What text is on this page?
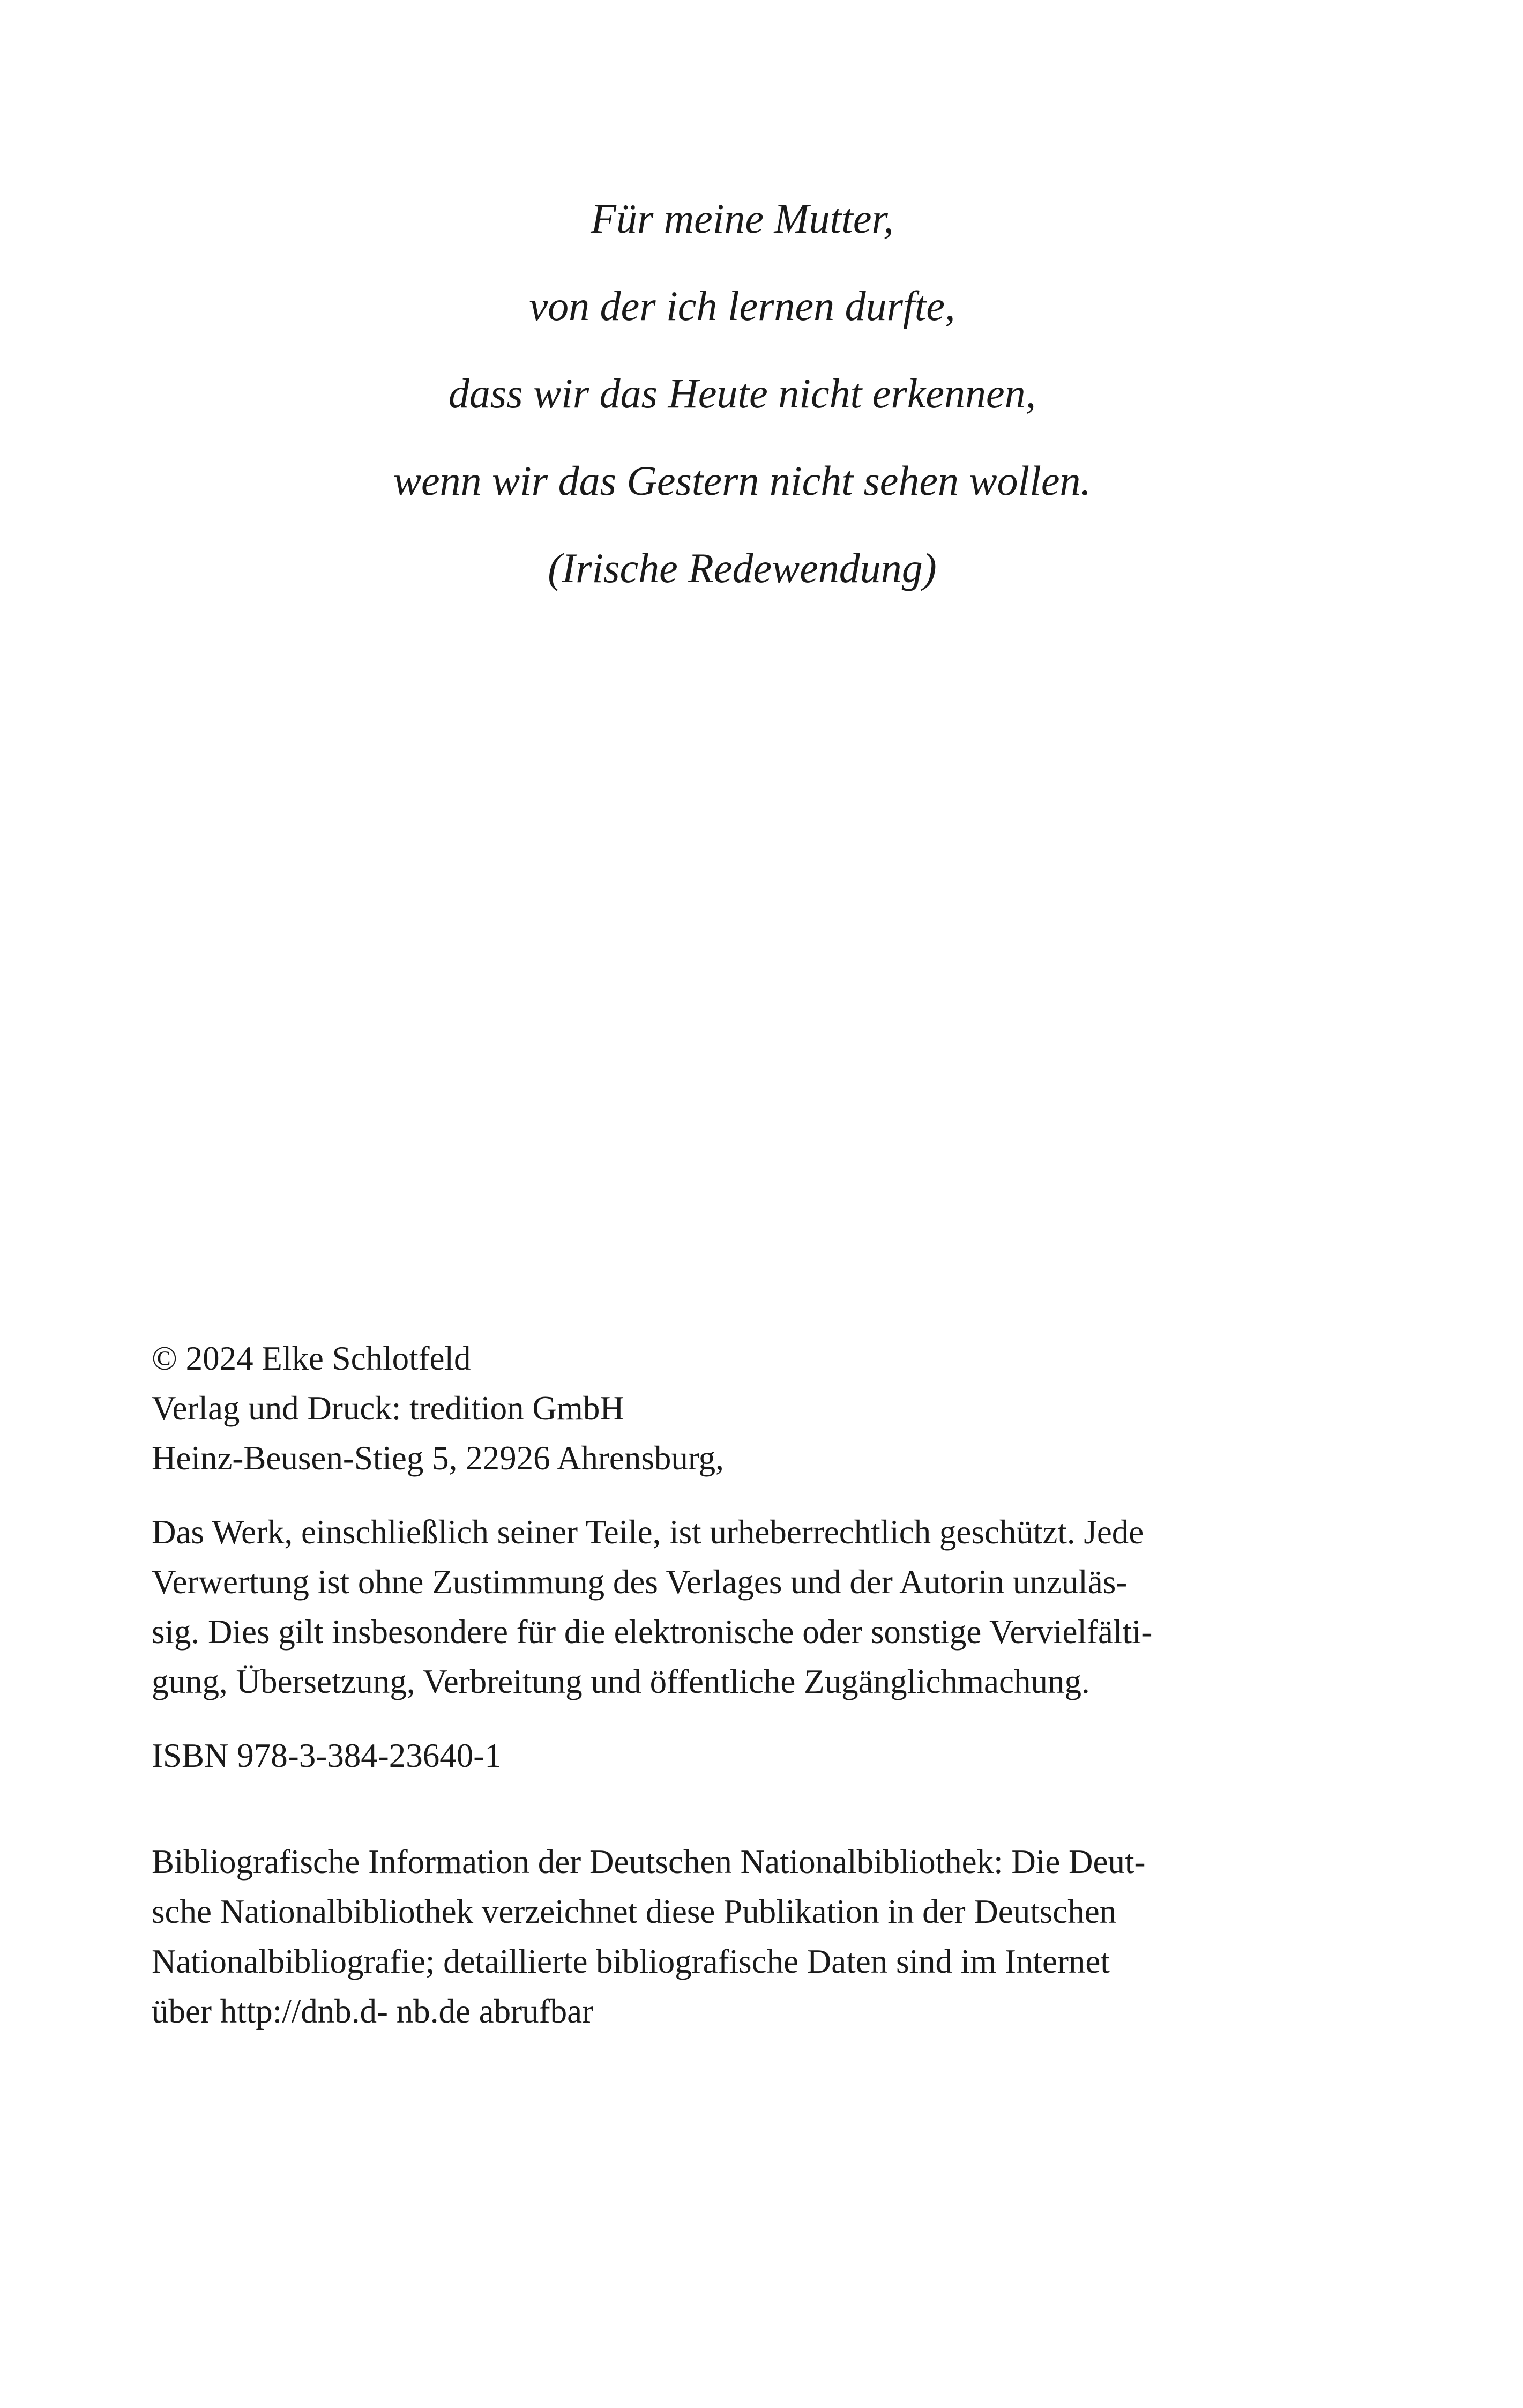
Für meine Mutter,
von der ich lernen durfte,
dass wir das Heute nicht erkennen,
wenn wir das Gestern nicht sehen wollen.
(Irische Redewendung)
© 2024 Elke Schlotfeld
Verlag und Druck: tredition GmbH
Heinz-Beusen-Stieg 5, 22926 Ahrensburg,
Das Werk, einschließlich seiner Teile, ist urheberrechtlich geschützt. Jede
Verwertung ist ohne Zustimmung des Verlages und der Autorin unzuläs-
sig. Dies gilt insbesondere für die elektronische oder sonstige Vervielfälti-
gung, Übersetzung, Verbreitung und öffentliche Zugänglichmachung.
ISBN 978-3-384-23640-1
Bibliografische Information der Deutschen Nationalbibliothek: Die Deut-
sche Nationalbibliothek verzeichnet diese Publikation in der Deutschen
Nationalbibliografie; detaillierte bibliografische Daten sind im Internet
über http://dnb.d- nb.de abrufbar
